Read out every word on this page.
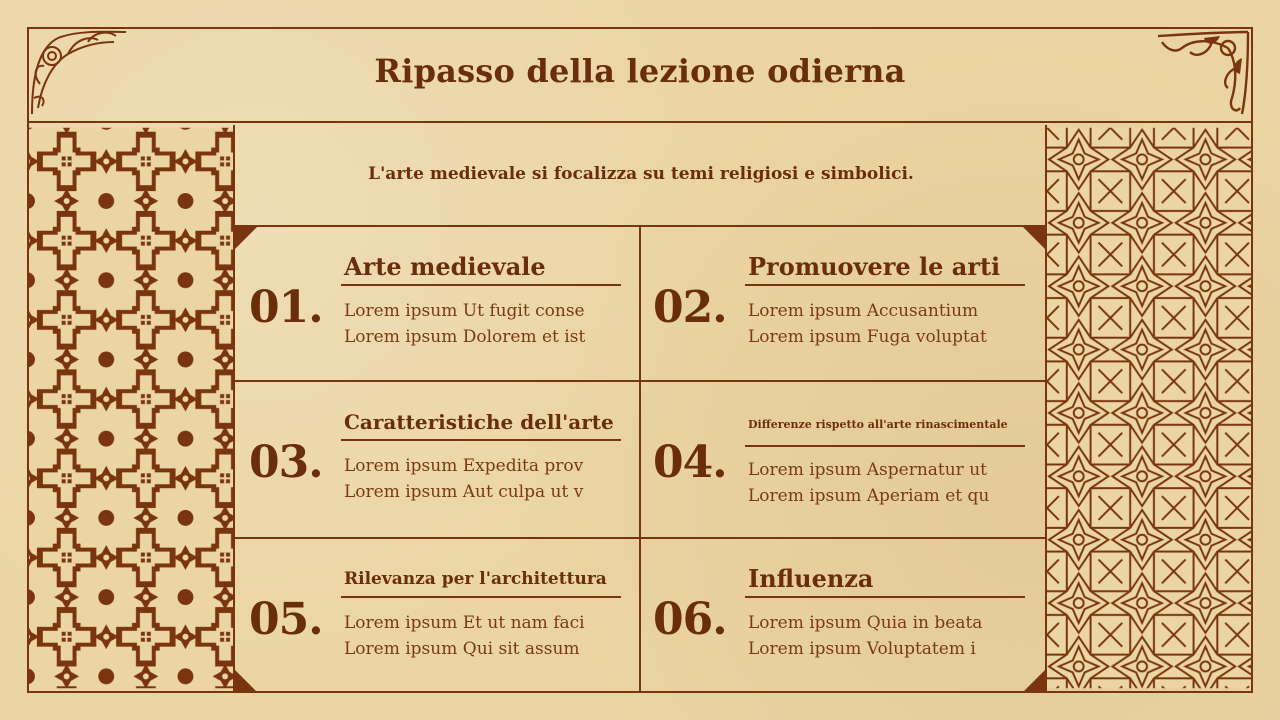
Ripasso della lezione odierna
L'arte medievale si focalizza su temi religiosi e simbolici.
01.
Arte medievale
Lorem ipsum Ut fugit conse
Lorem ipsum Dolorem et ist
02.
Promuovere le arti
Lorem ipsum Accusantium
Lorem ipsum Fuga voluptat
03.
Caratteristiche dell'arte
Lorem ipsum Expedita prov
Lorem ipsum Aut culpa ut v
04.
Differenze rispetto all'arte rinascimentale
Lorem ipsum Aspernatur ut
Lorem ipsum Aperiam et qu
05.
Rilevanza per l'architettura
Lorem ipsum Et ut nam faci
Lorem ipsum Qui sit assum
06.
Influenza
Lorem ipsum Quia in beata
Lorem ipsum Voluptatem i
